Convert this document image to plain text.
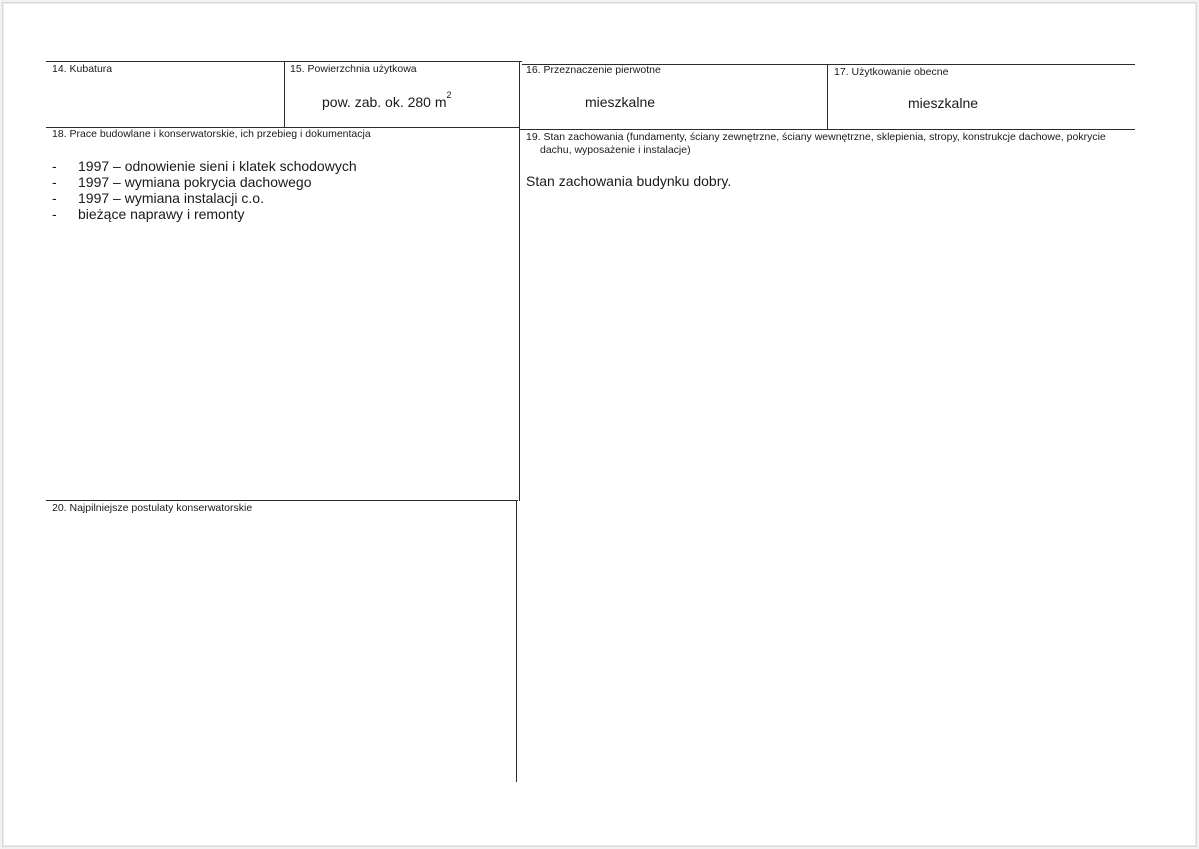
14. Kubatura	15. Powierzchnia użytkowa
pow. zab. ok. 280 $m^2$
16. Przeznaczenie pierwotne
mieszkalne
17. Użytkowanie obecne
mieszkalne
18. Prace budowlane i konserwatorskie, ich przebieg i dokumentacja
- 1997 – odnowienie sieni i klatek schodowych
- 1997 – wymiana pokrycia dachowego
- 1997 – wymiana instalacji c.o.
- bieżące naprawy i remonty
19. Stan zachowania (fundamenty, ściany zewnętrzne, ściany wewnętrzne, sklepienia, stropy, konstrukcje dachowe, pokrycie dachu, wyposażenie i instalacje)
Stan zachowania budynku dobry.
20. Najpilniejsze postulaty konserwatorskie
